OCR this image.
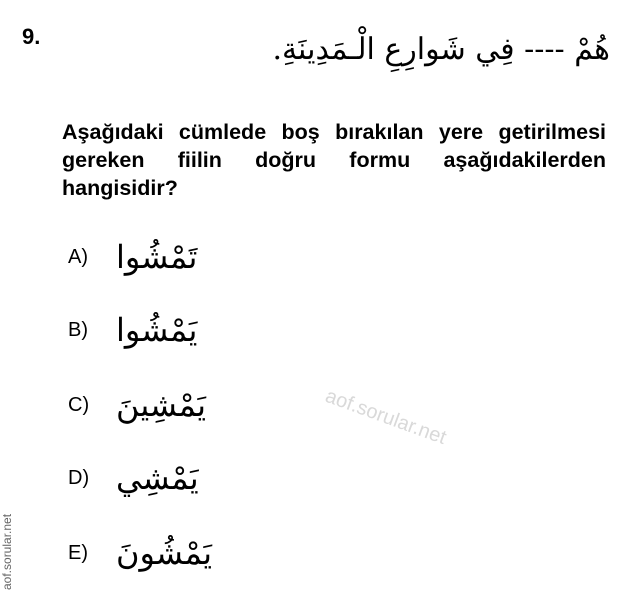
9.	هُمْ ---- فِي شَوارِعِ الْـمَدِينَةِ.
Aşağıdaki cümlede boş bırakılan yere getirilmesi gereken fiilin doğru formu aşağıdakilerden hangisidir?
A) تَمْشُوا
B) يَمْشُوا
C) يَمْشِينَ
D) يَمْشِي
E) يَمْشُونَ
aof.sorular.net
aof.sorular.net
